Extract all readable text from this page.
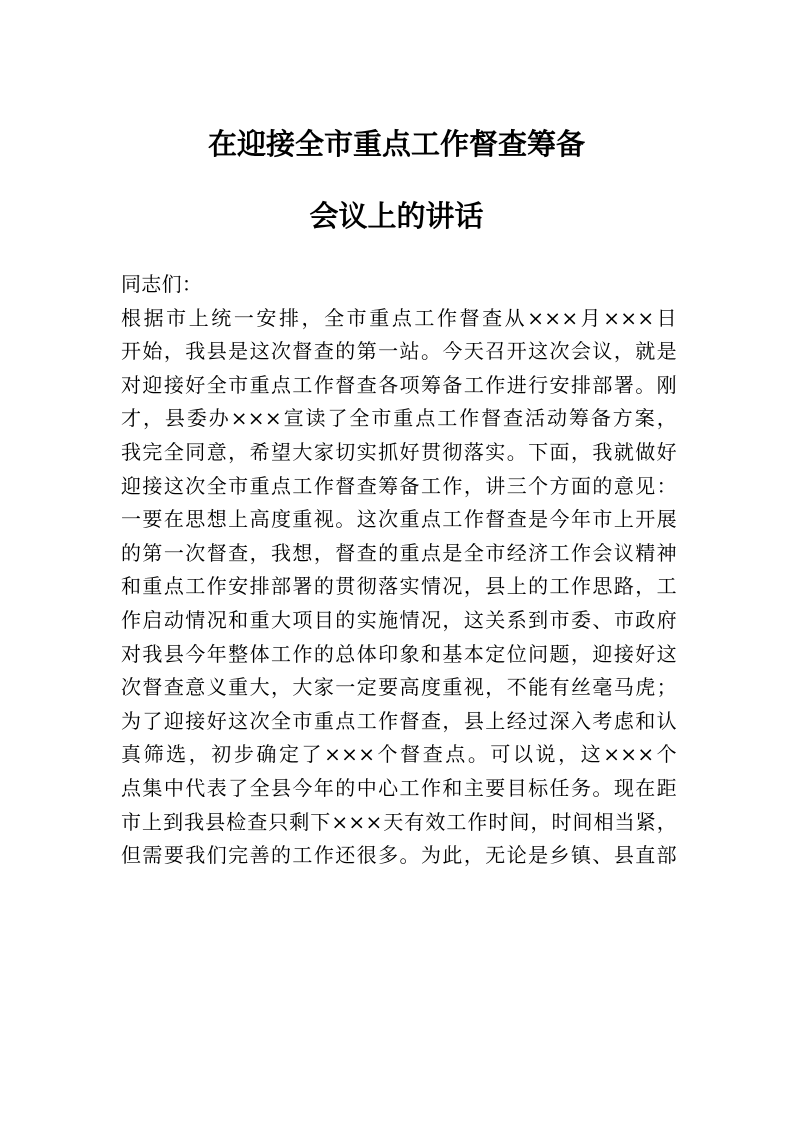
在迎接全市重点工作督查筹备
会议上的讲话
同志们：
根据市上统一安排，全市重点工作督查从×××月×××日
开始，我县是这次督查的第一站。今天召开这次会议，就是
对迎接好全市重点工作督查各项筹备工作进行安排部署。刚
才，县委办×××宣读了全市重点工作督查活动筹备方案，
我完全同意，希望大家切实抓好贯彻落实。下面，我就做好
迎接这次全市重点工作督查筹备工作，讲三个方面的意见：
一要在思想上高度重视。这次重点工作督查是今年市上开展
的第一次督查，我想，督查的重点是全市经济工作会议精神
和重点工作安排部署的贯彻落实情况，县上的工作思路，工
作启动情况和重大项目的实施情况，这关系到市委、市政府
对我县今年整体工作的总体印象和基本定位问题，迎接好这
次督查意义重大，大家一定要高度重视，不能有丝毫马虎；
为了迎接好这次全市重点工作督查，县上经过深入考虑和认
真筛选，初步确定了×××个督查点。可以说，这×××个
点集中代表了全县今年的中心工作和主要目标任务。现在距
市上到我县检查只剩下×××天有效工作时间，时间相当紧，
但需要我们完善的工作还很多。为此，无论是乡镇、县直部
